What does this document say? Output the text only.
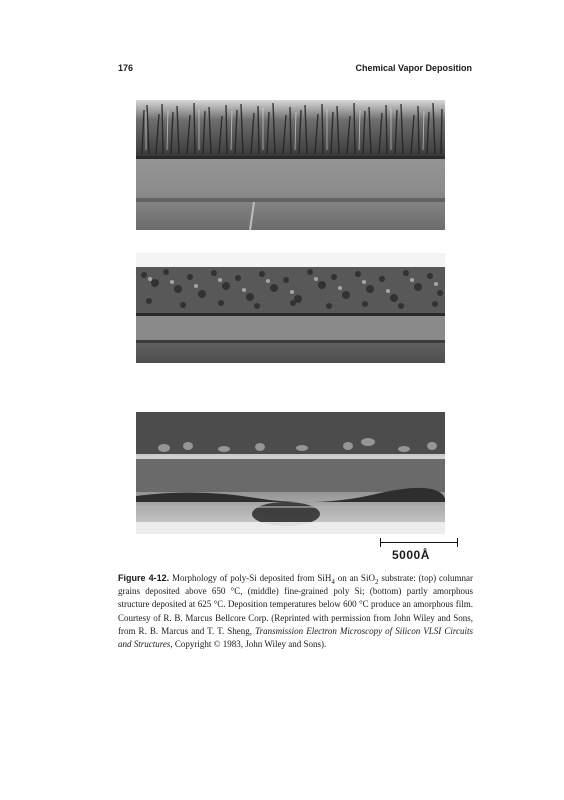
176	Chemical Vapor Deposition
5000Å

Figure 4-12. Morphology of poly-Si deposited from SiH$_4$ on an SiO$_2$ substrate: (top) columnar grains deposited above 650 °C, (middle) fine-grained poly Si; (bottom) partly amorphous structure deposited at 625 °C. Deposition temperatures below 600 °C produce an amorphous film. Courtesy of R. B. Marcus Bellcore Corp. (Reprinted with permission from John Wiley and Sons, from R. B. Marcus and T. T. Sheng, Transmission Electron Microscopy of Silicon VLSI Circuits and Structures, Copyright © 1983, John Wiley and Sons).
